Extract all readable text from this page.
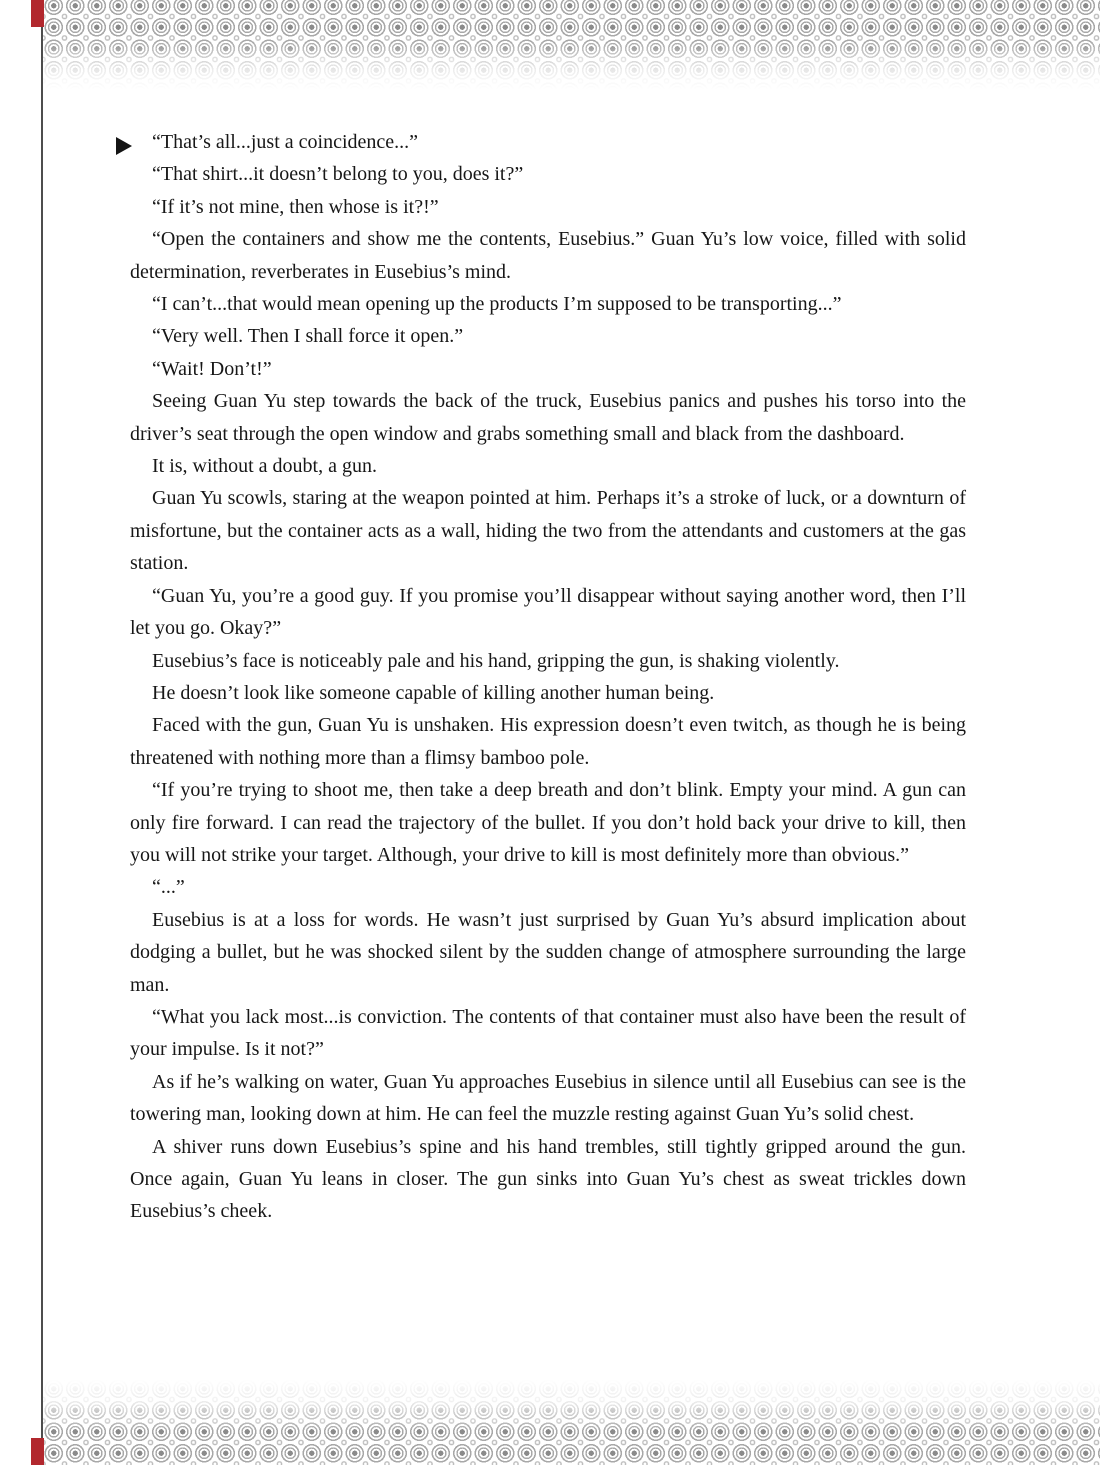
“That’s all...just a coincidence...”

“That shirt...it doesn’t belong to you, does it?”

“If it’s not mine, then whose is it?!”

“Open the containers and show me the contents, Eusebius.” Guan Yu’s low voice, filled with solid determination, reverberates in Eusebius’s mind.

“I can’t...that would mean opening up the products I’m supposed to be transporting...”

“Very well. Then I shall force it open.”

“Wait! Don’t!”

Seeing Guan Yu step towards the back of the truck, Eusebius panics and pushes his torso into the driver’s seat through the open window and grabs something small and black from the dashboard.

It is, without a doubt, a gun.

Guan Yu scowls, staring at the weapon pointed at him. Perhaps it’s a stroke of luck, or a downturn of misfortune, but the container acts as a wall, hiding the two from the attendants and customers at the gas station.

“Guan Yu, you’re a good guy. If you promise you’ll disappear without saying another word, then I’ll let you go. Okay?”

Eusebius’s face is noticeably pale and his hand, gripping the gun, is shaking violently.

He doesn’t look like someone capable of killing another human being.

Faced with the gun, Guan Yu is unshaken. His expression doesn’t even twitch, as though he is being threatened with nothing more than a flimsy bamboo pole.

“If you’re trying to shoot me, then take a deep breath and don’t blink. Empty your mind. A gun can only fire forward. I can read the trajectory of the bullet. If you don’t hold back your drive to kill, then you will not strike your target. Although, your drive to kill is most definitely more than obvious.”

“...”

Eusebius is at a loss for words. He wasn’t just surprised by Guan Yu’s absurd implication about dodging a bullet, but he was shocked silent by the sudden change of atmosphere surrounding the large man.

“What you lack most...is conviction. The contents of that container must also have been the result of your impulse. Is it not?”

As if he’s walking on water, Guan Yu approaches Eusebius in silence until all Eusebius can see is the towering man, looking down at him. He can feel the muzzle resting against Guan Yu’s solid chest.

A shiver runs down Eusebius’s spine and his hand trembles, still tightly gripped around the gun. Once again, Guan Yu leans in closer. The gun sinks into Guan Yu’s chest as sweat trickles down Eusebius’s cheek.
